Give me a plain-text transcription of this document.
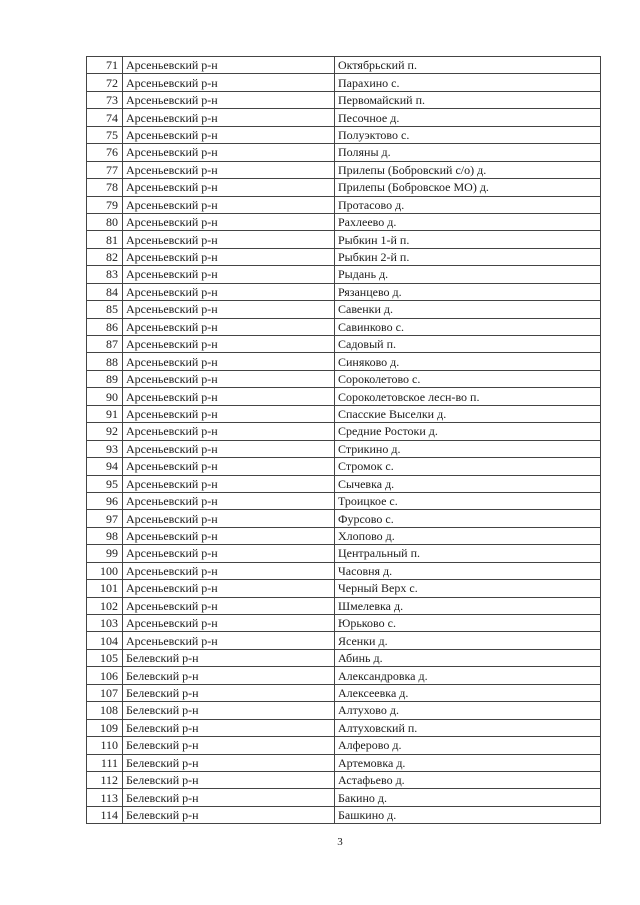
71	Арсеньевский р-н	Октябрьский п.
72	Арсеньевский р-н	Парахино с.
73	Арсеньевский р-н	Первомайский п.
74	Арсеньевский р-н	Песочное д.
75	Арсеньевский р-н	Полуэктово с.
76	Арсеньевский р-н	Поляны д.
77	Арсеньевский р-н	Прилепы (Бобровский с/о) д.
78	Арсеньевский р-н	Прилепы (Бобровское МО) д.
79	Арсеньевский р-н	Протасово д.
80	Арсеньевский р-н	Рахлеево д.
81	Арсеньевский р-н	Рыбкин 1-й п.
82	Арсеньевский р-н	Рыбкин 2-й п.
83	Арсеньевский р-н	Рыдань д.
84	Арсеньевский р-н	Рязанцево д.
85	Арсеньевский р-н	Савенки д.
86	Арсеньевский р-н	Савинково с.
87	Арсеньевский р-н	Садовый п.
88	Арсеньевский р-н	Синяково д.
89	Арсеньевский р-н	Сороколетово с.
90	Арсеньевский р-н	Сороколетовское лесн-во п.
91	Арсеньевский р-н	Спасские Выселки д.
92	Арсеньевский р-н	Средние Ростоки д.
93	Арсеньевский р-н	Стрикино д.
94	Арсеньевский р-н	Стромок с.
95	Арсеньевский р-н	Сычевка д.
96	Арсеньевский р-н	Троицкое с.
97	Арсеньевский р-н	Фурсово с.
98	Арсеньевский р-н	Хлопово д.
99	Арсеньевский р-н	Центральный п.
100	Арсеньевский р-н	Часовня д.
101	Арсеньевский р-н	Черный Верх с.
102	Арсеньевский р-н	Шмелевка д.
103	Арсеньевский р-н	Юрьково с.
104	Арсеньевский р-н	Ясенки д.
105	Белевский р-н	Абинь д.
106	Белевский р-н	Александровка д.
107	Белевский р-н	Алексеевка д.
108	Белевский р-н	Алтухово д.
109	Белевский р-н	Алтуховский п.
110	Белевский р-н	Алферово д.
111	Белевский р-н	Артемовка д.
112	Белевский р-н	Астафьево д.
113	Белевский р-н	Бакино д.
114	Белевский р-н	Башкино д.
3
